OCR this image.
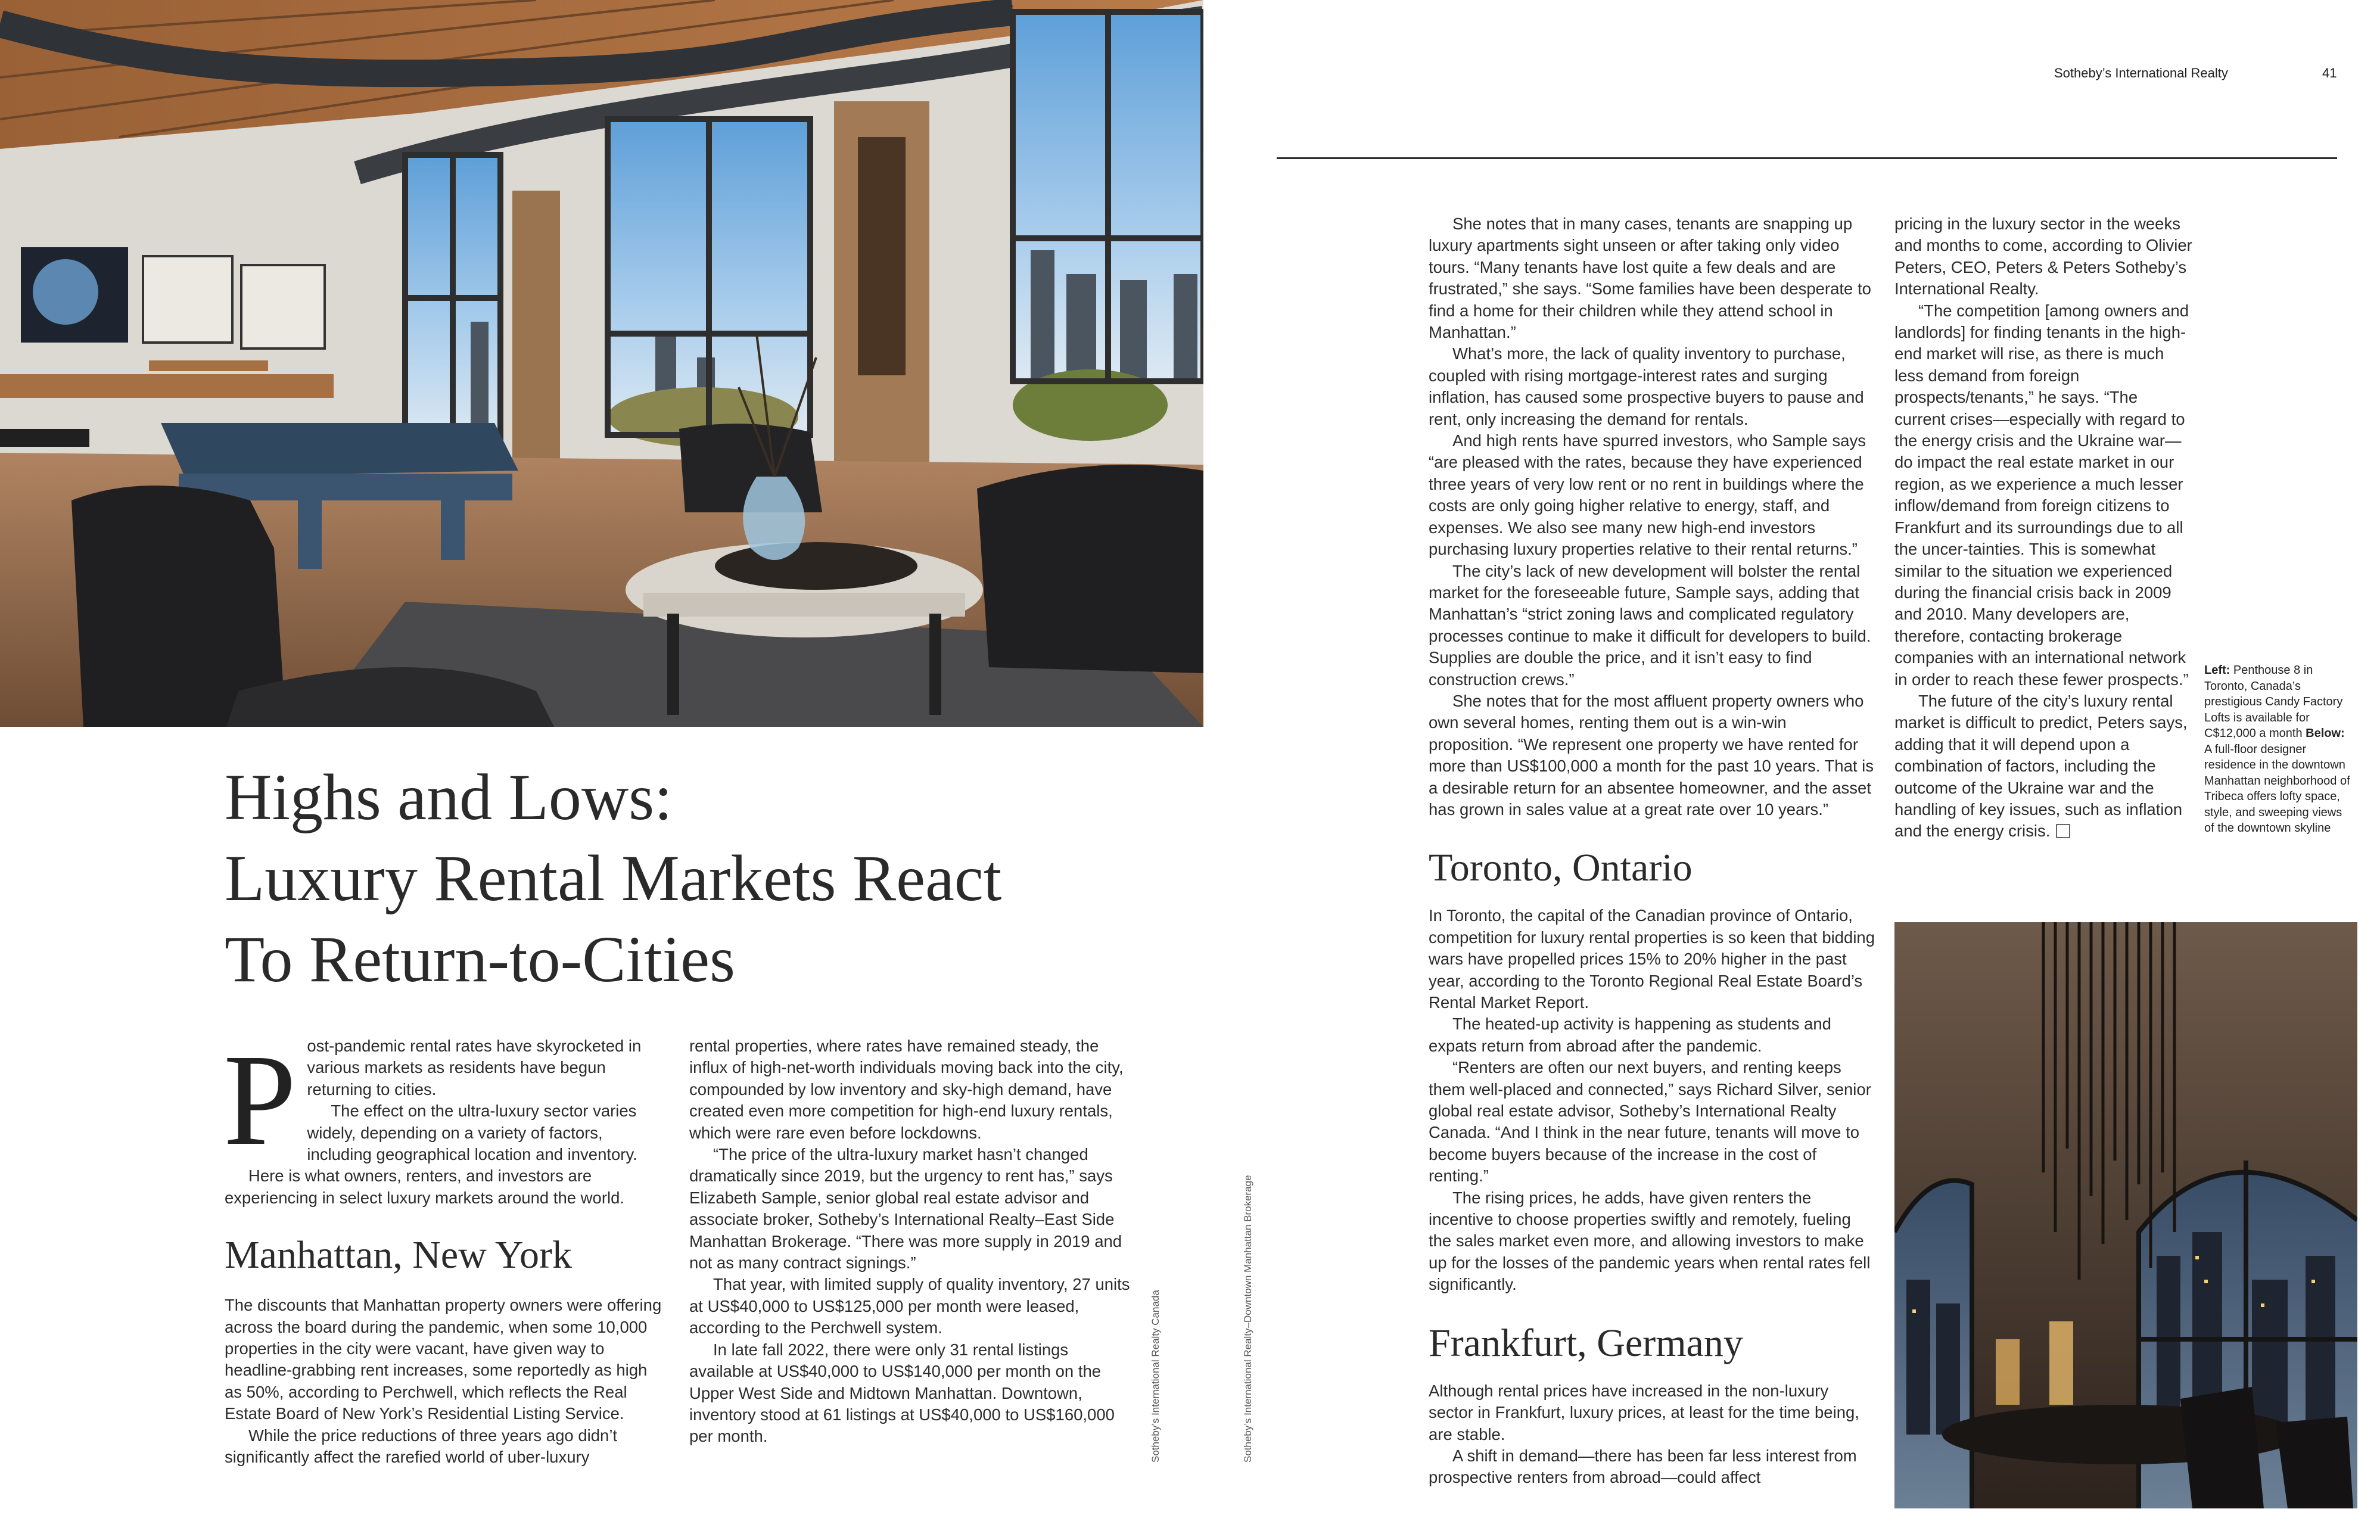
Sotheby’s International Realty	41
Highs and Lows:
Luxury Rental Markets React
To Return-to-Cities
P ost-pandemic rental rates have skyrocketed in various markets as residents have begun returning to cities.

The effect on the ultra-luxury sector varies widely, depending on a variety of factors, including geographical location and inventory.

Here is what owners, renters, and investors are experiencing in select luxury markets around the world.

Manhattan, New York

The discounts that Manhattan property owners were offering across the board during the pandemic, when some 10,000 properties in the city were vacant, have given way to headline-grabbing rent increases, some reportedly as high as 50%, according to Perchwell, which reflects the Real Estate Board of New York’s Residential Listing Service.

While the price reductions of three years ago didn’t significantly affect the rarefied world of uber-luxury

rental properties, where rates have remained steady, the influx of high-net-worth individuals moving back into the city, compounded by low inventory and sky-high demand, have created even more competition for high-end luxury rentals, which were rare even before lockdowns.

“The price of the ultra-luxury market hasn’t changed dramatically since 2019, but the urgency to rent has,” says Elizabeth Sample, senior global real estate advisor and associate broker, Sotheby’s International Realty–East Side Manhattan Brokerage. “There was more supply in 2019 and not as many contract signings.”

That year, with limited supply of quality inventory, 27 units at US$40,000 to US$125,000 per month were leased, according to the Perchwell system.

In late fall 2022, there were only 31 rental listings available at US$40,000 to US$140,000 per month on the Upper West Side and Midtown Manhattan. Downtown, inventory stood at 61 listings at US$40,000 to US$160,000 per month.	Sotheby’s International Realty Canada	Sotheby’s International Realty–Downtown Manhattan Brokerage

She notes that in many cases, tenants are snapping up luxury apartments sight unseen or after taking only video tours. “Many tenants have lost quite a few deals and are frustrated,” she says. “Some families have been desperate to find a home for their children while they attend school in Manhattan.”

What’s more, the lack of quality inventory to purchase, coupled with rising mortgage-interest rates and surging inflation, has caused some prospective buyers to pause and rent, only increasing the demand for rentals.

And high rents have spurred investors, who Sample says “are pleased with the rates, because they have experienced three years of very low rent or no rent in buildings where the costs are only going higher relative to energy, staff, and expenses. We also see many new high-end investors purchasing luxury properties relative to their rental returns.”

The city’s lack of new development will bolster the rental market for the foreseeable future, Sample says, adding that Manhattan’s “strict zoning laws and complicated regulatory processes continue to make it difficult for developers to build. Supplies are double the price, and it isn’t easy to find construction crews.”

She notes that for the most affluent property owners who own several homes, renting them out is a win-win proposition. “We represent one property we have rented for more than US$100,000 a month for the past 10 years. That is a desirable return for an absentee homeowner, and the asset has grown in sales value at a great rate over 10 years.”

Toronto, Ontario

In Toronto, the capital of the Canadian province of Ontario, competition for luxury rental properties is so keen that bidding wars have propelled prices 15% to 20% higher in the past year, according to the Toronto Regional Real Estate Board’s Rental Market Report.

The heated-up activity is happening as students and expats return from abroad after the pandemic.

“Renters are often our next buyers, and renting keeps them well-placed and connected,” says Richard Silver, senior global real estate advisor, Sotheby’s International Realty Canada. “And I think in the near future, tenants will move to become buyers because of the increase in the cost of renting.”

The rising prices, he adds, have given renters the incentive to choose properties swiftly and remotely, fueling the sales market even more, and allowing investors to make up for the losses of the pandemic years when rental rates fell significantly.

Frankfurt, Germany

Although rental prices have increased in the non-luxury sector in Frankfurt, luxury prices, at least for the time being, are stable.

A shift in demand—there has been far less interest from prospective renters from abroad—could affect

pricing in the luxury sector in the weeks and months to come, according to Olivier Peters, CEO, Peters & Peters Sotheby’s International Realty.

“The competition [among owners and landlords] for finding tenants in the high-end market will rise, as there is much less demand from foreign prospects/tenants,” he says. “The current crises—especially with regard to the energy crisis and the Ukraine war—do impact the real estate market in our region, as we experience a much lesser inflow/demand from foreign citizens to Frankfurt and its surroundings due to all the uncer-tainties. This is somewhat similar to the situation we experienced during the financial crisis back in 2009 and 2010. Many developers are, therefore, contacting brokerage companies with an international network in order to reach these fewer prospects.”

The future of the city’s luxury rental market is difficult to predict, Peters says, adding that it will depend upon a combination of factors, including the outcome of the Ukraine war and the handling of key issues, such as inflation and the energy crisis.

Left: Penthouse 8 in Toronto, Canada’s prestigious Candy Factory Lofts is available for C$12,000 a month Below: A full-floor designer residence in the downtown Manhattan neighborhood of Tribeca offers lofty space, style, and sweeping views of the downtown skyline
